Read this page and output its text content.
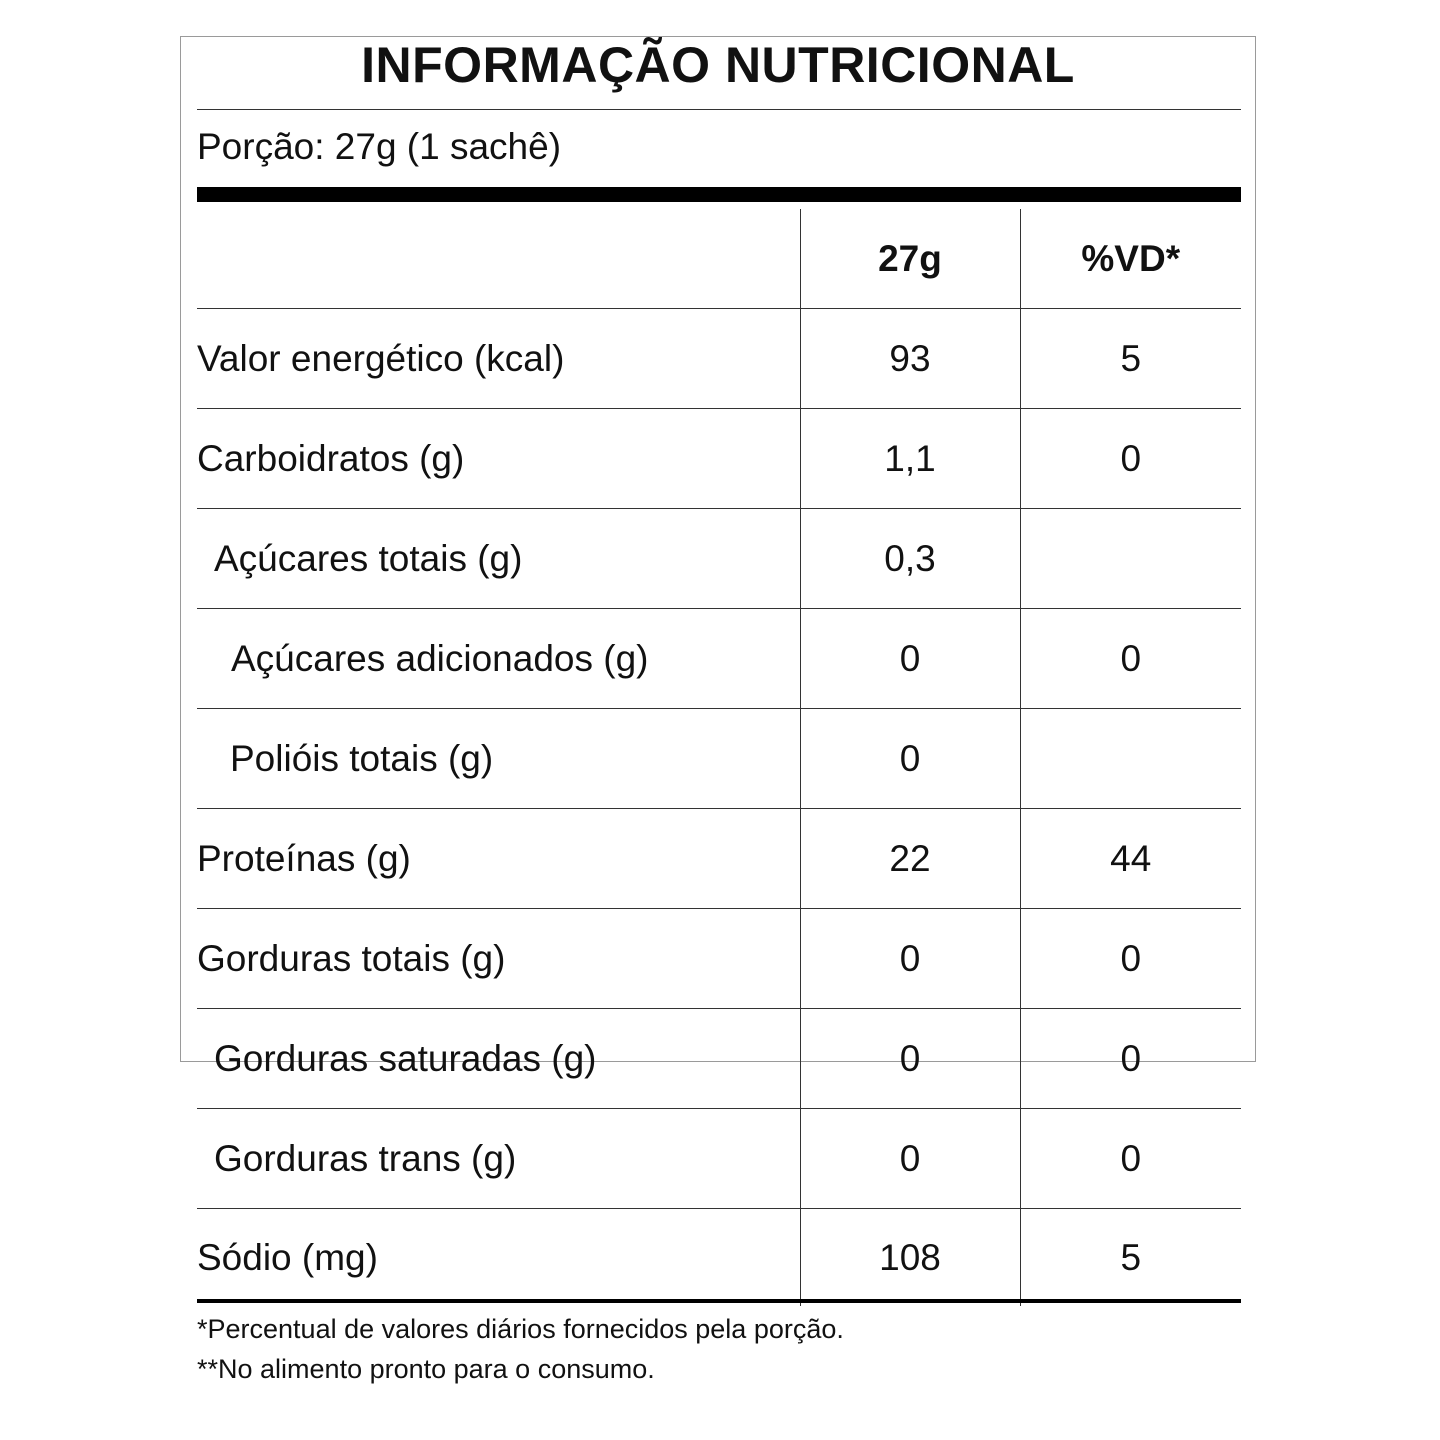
INFORMAÇÃO NUTRICIONAL
Porção: 27g (1 sachê)
	27g	%VD*
Valor energético (kcal)	93	5
Carboidratos (g)	1,1	0
Açúcares totais (g)	0,3	
Açúcares adicionados (g)	0	0
Polióis totais (g)	0	
Proteínas (g)	22	44
Gorduras totais (g)	0	0
Gorduras saturadas (g)	0	0
Gorduras trans (g)	0	0
Sódio (mg)	108	5
*Percentual de valores diários fornecidos pela porção.
**No alimento pronto para o consumo.
